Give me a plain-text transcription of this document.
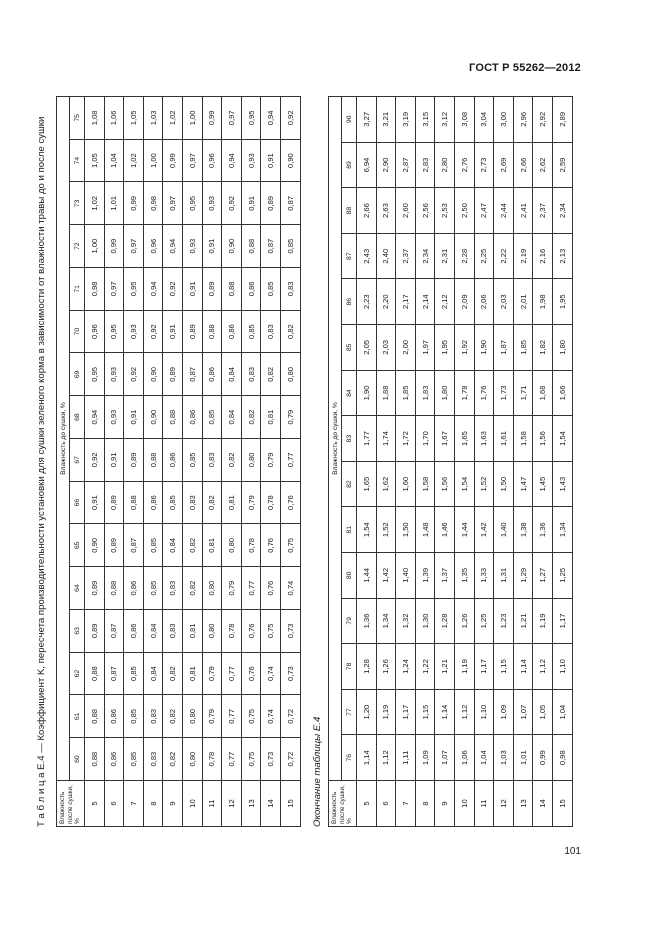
ГОСТ Р 55262—2012
Т а б л и ц а Е.4 — Коэффициент K, пересчета производительности установки для сушки зеленого корма в зависимости от влажности травы до и после сушки Влажность после сушки, %	Влажность до сушки, %															
	60	61	62	63	64	65	66	67	68	69	70	71	72	73	74	75
5	0,88	0,88	0,88	0,89	0,89	0,90	0,91	0,92	0,94	0,95	0,96	0,98	1,00	1,02	1,05	1,08
6	0,86	0,86	0,87	0,87	0,88	0,89	0,89	0,91	0,93	0,93	0,95	0,97	0,99	1,01	1,04	1,06
7	0,85	0,85	0,85	0,86	0,86	0,87	0,88	0,89	0,91	0,92	0,93	0,95	0,97	0,99	1,02	1,05
8	0,83	0,83	0,84	0,84	0,85	0,85	0,86	0,88	0,90	0,90	0,92	0,94	0,96	0,98	1,00	1,03
9	0,82	0,82	0,82	0,83	0,83	0,84	0,85	0,86	0,88	0,89	0,91	0,92	0,94	0,97	0,99	1,02
10	0,80	0,80	0,81	0,81	0,82	0,82	0,83	0,85	0,86	0,87	0,89	0,91	0,93	0,95	0,97	1,00
11	0,78	0,79	0,79	0,80	0,80	0,81	0,82	0,83	0,85	0,86	0,88	0,89	0,91	0,93	0,96	0,99
12	0,77	0,77	0,77	0,78	0,79	0,80	0,81	0,82	0,84	0,84	0,86	0,88	0,90	0,92	0,94	0,97
13	0,75	0,75	0,76	0,76	0,77	0,78	0,79	0,80	0,82	0,83	0,85	0,86	0,88	0,91	0,93	0,95
14	0,73	0,74	0,74	0,75	0,76	0,76	0,78	0,79	0,81	0,82	0,83	0,85	0,87	0,89	0,91	0,94
15	0,72	0,72	0,73	0,73	0,74	0,75	0,76	0,77	0,79	0,80	0,82	0,83	0,85	0,87	0,90	0,92
Окончание таблицы Е.4 Влажность после сушки, %	Влажность до сушки, %														
	76	77	78	79	80	81	82	83	84	85	86	87	88	89	90
5	1,14	1,20	1,28	1,36	1,44	1,54	1,65	1,77	1,90	2,05	2,23	2,43	2,66	6,94	3,27
6	1,12	1,19	1,26	1,34	1,42	1,52	1,62	1,74	1,88	2,03	2,20	2,40	2,63	2,90	3,21
7	1,11	1,17	1,24	1,32	1,40	1,50	1,60	1,72	1,85	2,00	2,17	2,37	2,60	2,87	3,19
8	1,09	1,15	1,22	1,30	1,39	1,48	1,58	1,70	1,83	1,97	2,14	2,34	2,56	2,83	3,15
9	1,07	1,14	1,21	1,28	1,37	1,46	1,56	1,67	1,80	1,95	2,12	2,31	2,53	2,80	3,12
10	1,06	1,12	1,19	1,26	1,35	1,44	1,54	1,65	1,78	1,92	2,09	2,28	2,50	2,76	3,08
11	1,04	1,10	1,17	1,25	1,33	1,42	1,52	1,63	1,76	1,90	2,06	2,25	2,47	2,73	3,04
12	1,03	1,09	1,15	1,23	1,31	1,40	1,50	1,61	1,73	1,87	2,03	2,22	2,44	2,69	3,00
13	1,01	1,07	1,14	1,21	1,29	1,38	1,47	1,58	1,71	1,85	2,01	2,19	2,41	2,66	2,96
14	0,99	1,05	1,12	1,19	1,27	1,36	1,45	1,56	1,68	1,82	1,98	2,16	2,37	2,62	2,92
15	0,98	1,04	1,10	1,17	1,25	1,34	1,43	1,54	1,66	1,80	1,95	2,13	2,34	2,59	2,89
101
